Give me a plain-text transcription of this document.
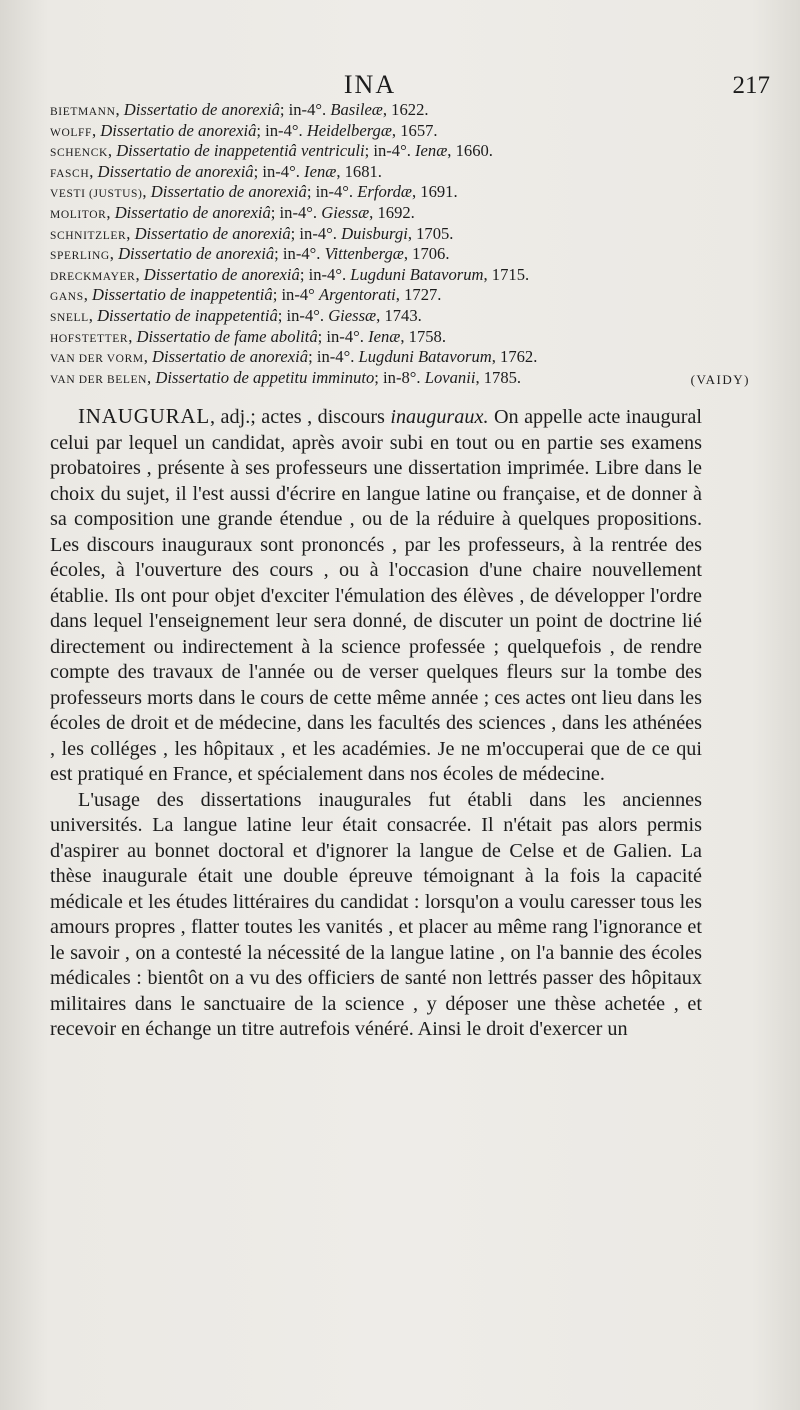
INA	217
BIETMANN, Dissertatio de anorexiâ; in-4°. Basileæ, 1622.
WOLFF, Dissertatio de anorexiâ; in-4°. Heidelbergæ, 1657.
SCHENCK, Dissertatio de inappetentiâ ventriculi; in-4°. Ienæ, 1660.
FASCH, Dissertatio de anorexiâ; in-4°. Ienæ, 1681.
VESTI (JUSTUS), Dissertatio de anorexiâ; in-4°. Erfordæ, 1691.
MOLITOR, Dissertatio de anorexiâ; in-4°. Giessæ, 1692.
SCHNITZLER, Dissertatio de anorexiâ; in-4°. Duisburgi, 1705.
SPERLING, Dissertatio de anorexiâ; in-4°. Vittenbergæ, 1706.
DRECKMAYER, Dissertatio de anorexiâ; in-4°. Lugduni Batavorum, 1715.
GANS, Dissertatio de inappetentiâ; in-4° Argentorati, 1727.
SNELL, Dissertatio de inappetentiâ; in-4°. Giessæ, 1743.
HOFSTETTER, Dissertatio de fame abolitâ; in-4°. Ienæ, 1758.
VAN DER VORM, Dissertatio de anorexiâ; in-4°. Lugduni Batavorum, 1762.
VAN DER BELEN, Dissertatio de appetitu imminuto; in-8°. Lovanii, 1785.	(VAIDY)

INAUGURAL, adj.; actes , discours inauguraux. On appelle acte inaugural celui par lequel un candidat, après avoir subi en tout ou en partie ses examens probatoires , présente à ses professeurs une dissertation imprimée. Libre dans le choix du sujet, il l'est aussi d'écrire en langue latine ou française, et de donner à sa composition une grande étendue , ou de la réduire à quelques propositions. Les discours inauguraux sont prononcés , par les professeurs, à la rentrée des écoles, à l'ouverture des cours , ou à l'occasion d'une chaire nouvellement établie. Ils ont pour objet d'exciter l'émulation des élèves , de développer l'ordre dans lequel l'enseignement leur sera donné, de discuter un point de doctrine lié directement ou indirectement à la science professée ; quelquefois , de rendre compte des travaux de l'année ou de verser quelques fleurs sur la tombe des professeurs morts dans le cours de cette même année ; ces actes ont lieu dans les écoles de droit et de médecine, dans les facultés des sciences , dans les athénées , les colléges , les hôpitaux , et les académies. Je ne m'occuperai que de ce qui est pratiqué en France, et spécialement dans nos écoles de médecine.

L'usage des dissertations inaugurales fut établi dans les anciennes universités. La langue latine leur était consacrée. Il n'était pas alors permis d'aspirer au bonnet doctoral et d'ignorer la langue de Celse et de Galien. La thèse inaugurale était une double épreuve témoignant à la fois la capacité médicale et les études littéraires du candidat : lorsqu'on a voulu caresser tous les amours propres , flatter toutes les vanités , et placer au même rang l'ignorance et le savoir , on a contesté la nécessité de la langue latine , on l'a bannie des écoles médicales : bientôt on a vu des officiers de santé non lettrés passer des hôpitaux militaires dans le sanctuaire de la science , y déposer une thèse achetée , et recevoir en échange un titre autrefois vénéré. Ainsi le droit d'exercer un
